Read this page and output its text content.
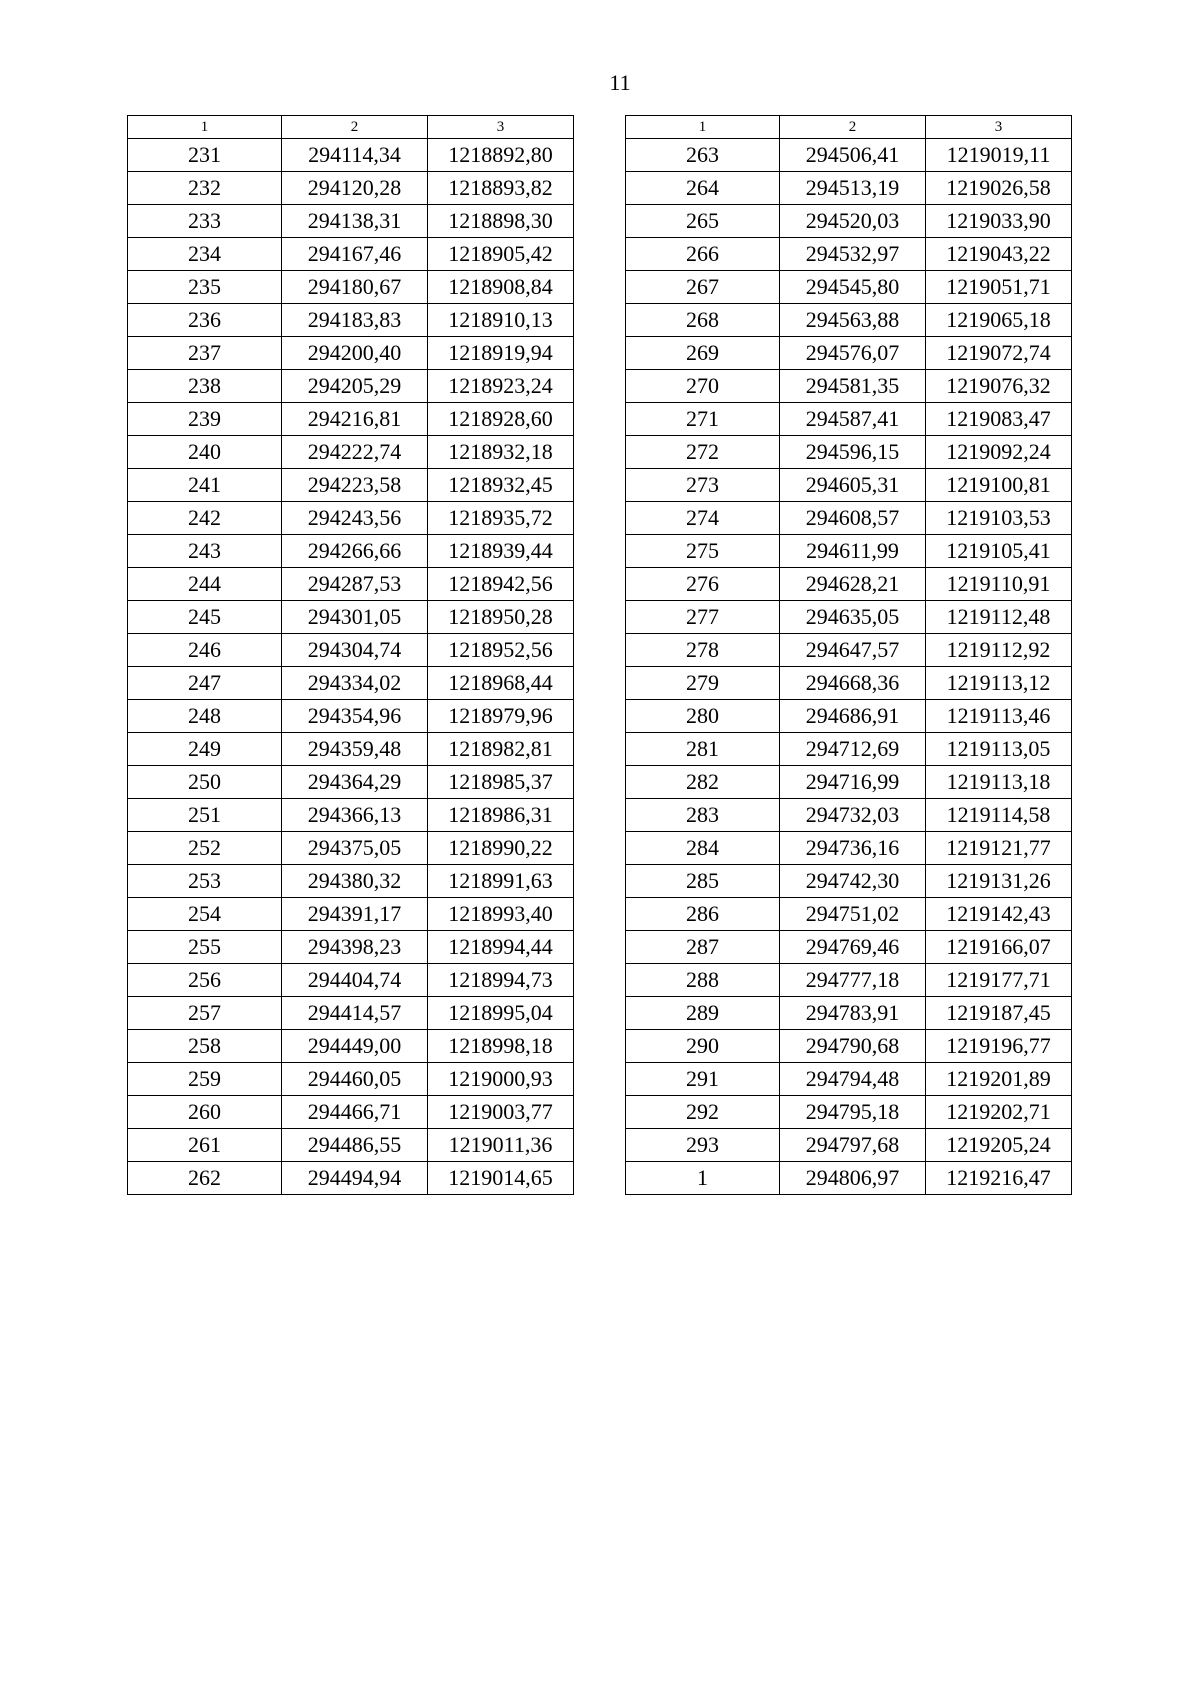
11
1	2	3
231	294114,34	1218892,80
232	294120,28	1218893,82
233	294138,31	1218898,30
234	294167,46	1218905,42
235	294180,67	1218908,84
236	294183,83	1218910,13
237	294200,40	1218919,94
238	294205,29	1218923,24
239	294216,81	1218928,60
240	294222,74	1218932,18
241	294223,58	1218932,45
242	294243,56	1218935,72
243	294266,66	1218939,44
244	294287,53	1218942,56
245	294301,05	1218950,28
246	294304,74	1218952,56
247	294334,02	1218968,44
248	294354,96	1218979,96
249	294359,48	1218982,81
250	294364,29	1218985,37
251	294366,13	1218986,31
252	294375,05	1218990,22
253	294380,32	1218991,63
254	294391,17	1218993,40
255	294398,23	1218994,44
256	294404,74	1218994,73
257	294414,57	1218995,04
258	294449,00	1218998,18
259	294460,05	1219000,93
260	294466,71	1219003,77
261	294486,55	1219011,36
262	294494,94	1219014,65
1	2	3
263	294506,41	1219019,11
264	294513,19	1219026,58
265	294520,03	1219033,90
266	294532,97	1219043,22
267	294545,80	1219051,71
268	294563,88	1219065,18
269	294576,07	1219072,74
270	294581,35	1219076,32
271	294587,41	1219083,47
272	294596,15	1219092,24
273	294605,31	1219100,81
274	294608,57	1219103,53
275	294611,99	1219105,41
276	294628,21	1219110,91
277	294635,05	1219112,48
278	294647,57	1219112,92
279	294668,36	1219113,12
280	294686,91	1219113,46
281	294712,69	1219113,05
282	294716,99	1219113,18
283	294732,03	1219114,58
284	294736,16	1219121,77
285	294742,30	1219131,26
286	294751,02	1219142,43
287	294769,46	1219166,07
288	294777,18	1219177,71
289	294783,91	1219187,45
290	294790,68	1219196,77
291	294794,48	1219201,89
292	294795,18	1219202,71
293	294797,68	1219205,24
1	294806,97	1219216,47
